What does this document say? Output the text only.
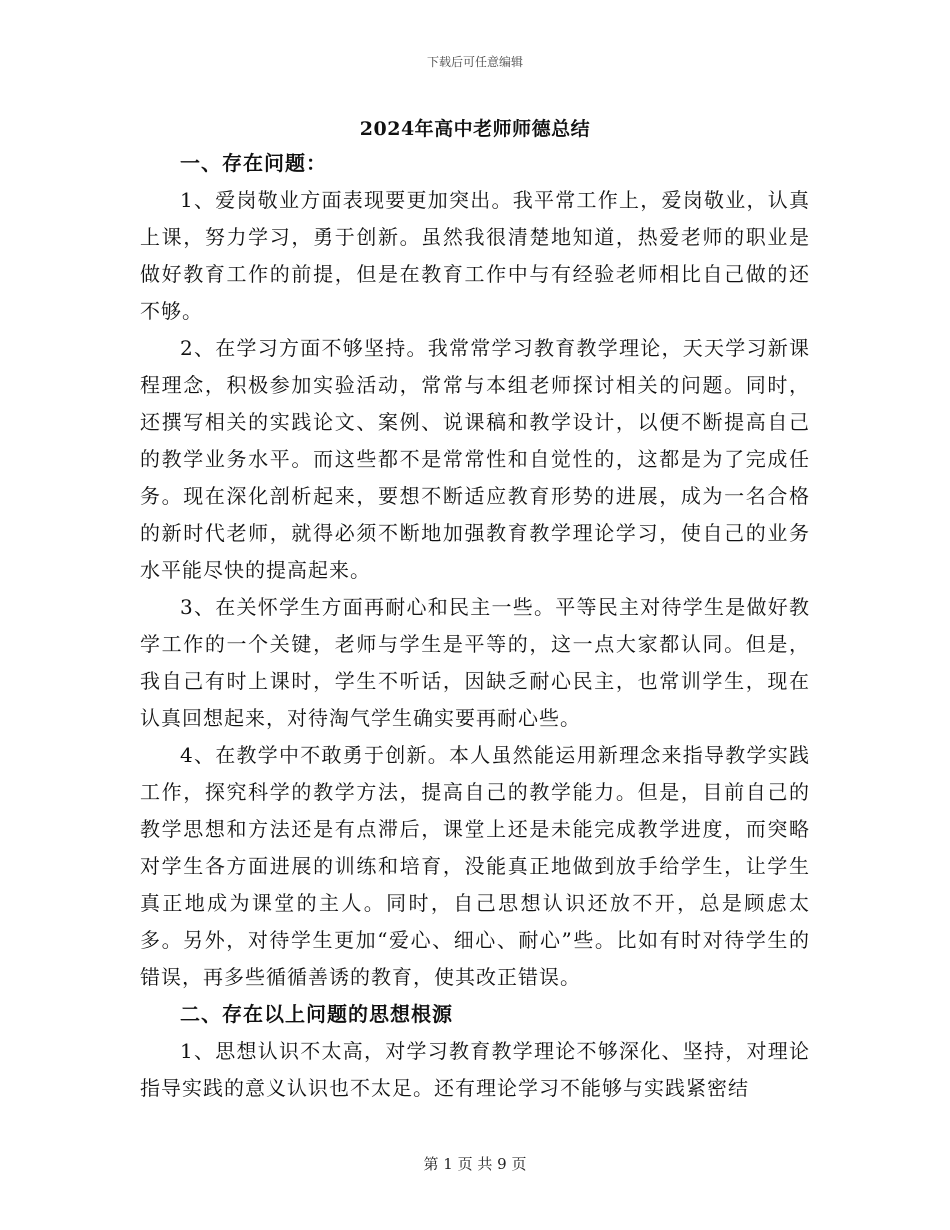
下载后可任意编辑
2024年高中老师师德总结
一、存在问题：

1、爱岗敬业方面表现要更加突出。我平常工作上，爱岗敬业，认真上课，努力学习，勇于创新。虽然我很清楚地知道，热爱老师的职业是做好教育工作的前提，但是在教育工作中与有经验老师相比自己做的还不够。

2、在学习方面不够坚持。我常常学习教育教学理论，天天学习新课程理念，积极参加实验活动，常常与本组老师探讨相关的问题。同时，还撰写相关的实践论文、案例、说课稿和教学设计，以便不断提高自己的教学业务水平。而这些都不是常常性和自觉性的，这都是为了完成任务。现在深化剖析起来，要想不断适应教育形势的进展，成为一名合格的新时代老师，就得必须不断地加强教育教学理论学习，使自己的业务水平能尽快的提高起来。

3、在关怀学生方面再耐心和民主一些。平等民主对待学生是做好教学工作的一个关键，老师与学生是平等的，这一点大家都认同。但是，我自己有时上课时，学生不听话，因缺乏耐心民主，也常训学生，现在认真回想起来，对待淘气学生确实要再耐心些。

4、在教学中不敢勇于创新。本人虽然能运用新理念来指导教学实践工作，探究科学的教学方法，提高自己的教学能力。但是，目前自己的教学思想和方法还是有点滞后，课堂上还是未能完成教学进度，而突略对学生各方面进展的训练和培育，没能真正地做到放手给学生，让学生真正地成为课堂的主人。同时，自己思想认识还放不开，总是顾虑太多。另外，对待学生更加“爱心、细心、耐心”些。比如有时对待学生的错误，再多些循循善诱的教育，使其改正错误。

二、存在以上问题的思想根源

1、思想认识不太高，对学习教育教学理论不够深化、坚持，对理论指导实践的意义认识也不太足。还有理论学习不能够与实践紧密结

第 1 页 共 9 页
